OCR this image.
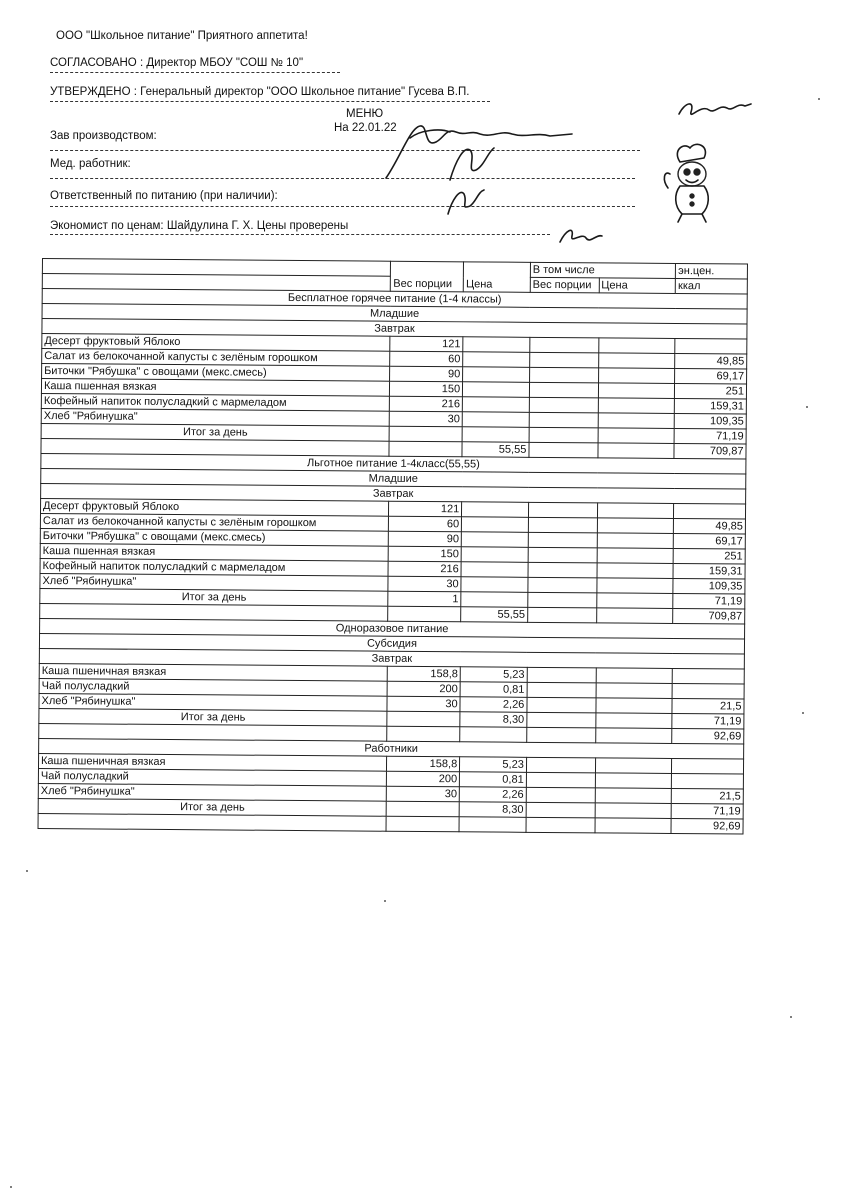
ООО "Школьное питание" Приятного аппетита!
СОГЛАСОВАНО : Директор МБОУ "СОШ № 10"
УТВЕРЖДЕНО : Генеральный директор "ООО Школьное питание" Гусева В.П.
МЕНЮ
На 22.01.22
Зав производством:
Мед. работник:
Ответственный по питанию (при наличии):
Экономист по ценам: Шайдулина Г. Х. Цены проверены
	Вес порции	Цена	В том числе		эн.цен.
			Вес порции	Цена	ккал
Бесплатное горячее питание (1-4 классы)					
Младшие					
Завтрак					
Десерт фруктовый Яблоко	121				
Салат из белокочанной капусты с зелёным горошком	60				49,85
Биточки "Рябушка" с овощами (мекс.смесь)	90				69,17
Каша пшенная вязкая	150				251
Кофейный напиток полусладкий с мармеладом	216				159,31
Хлеб "Рябинушка"	30				109,35
Итог за день					71,19
		55,55			709,87
Льготное питание 1-4класс(55,55)					
Младшие					
Завтрак					
Десерт фруктовый Яблоко	121				
Салат из белокочанной капусты с зелёным горошком	60				49,85
Биточки "Рябушка" с овощами (мекс.смесь)	90				69,17
Каша пшенная вязкая	150				251
Кофейный напиток полусладкий с мармеладом	216				159,31
Хлеб "Рябинушка"	30				109,35
Итог за день	1				71,19
		55,55			709,87
Одноразовое питание					
Субсидия					
Завтрак					
Каша пшеничная вязкая	158,8	5,23			
Чай полусладкий	200	0,81			
Хлеб "Рябинушка"	30	2,26			21,5
Итог за день		8,30			71,19
					92,69
Работники					
Каша пшеничная вязкая	158,8	5,23			
Чай полусладкий	200	0,81			
Хлеб "Рябинушка"	30	2,26			21,5
Итог за день		8,30			71,19
					92,69
